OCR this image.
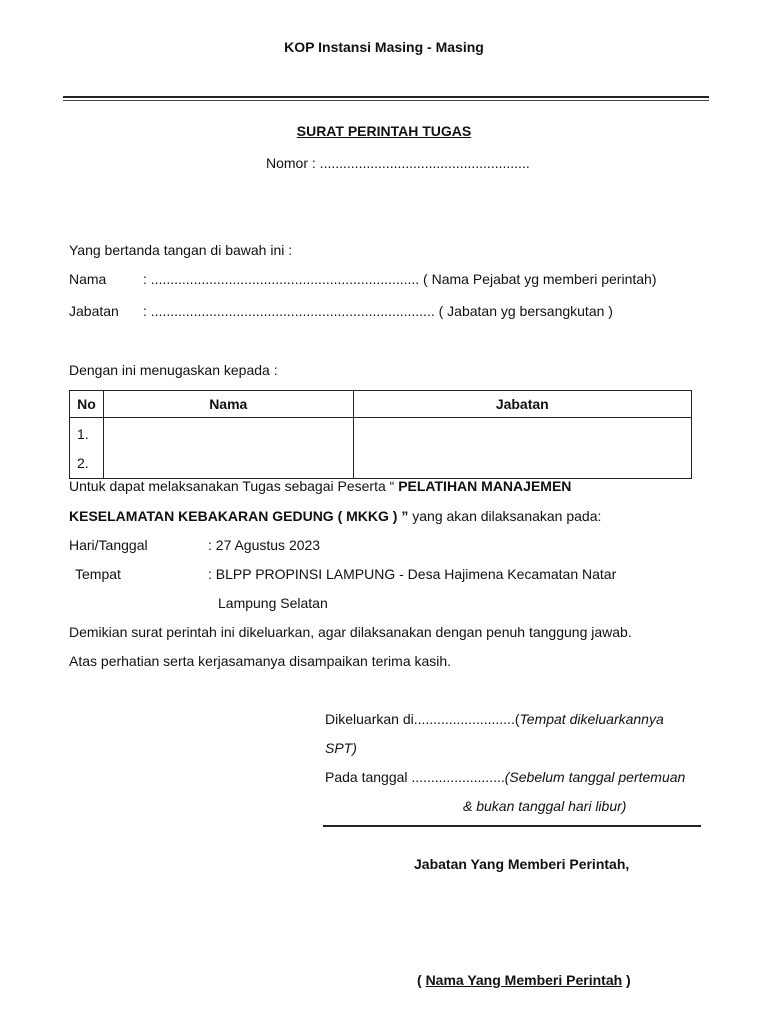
KOP Instansi Masing - Masing
SURAT PERINTAH TUGAS
Nomor : ......................................................
Yang bertanda tangan di bawah ini :
Nama	: ..................................................................... ( Nama Pejabat yg memberi perintah)
Jabatan : ......................................................................... ( Jabatan yg bersangkutan )
Dengan ini menugaskan kepada :
No	Nama	Jabatan

1.
2.		

Untuk dapat melaksanakan Tugas sebagai Peserta “ PELATIHAN MANAJEMEN
KESELAMATAN KEBAKARAN GEDUNG ( MKKG ) ” yang akan dilaksanakan pada:
Hari/Tanggal	: 27 Agustus 2023
Tempat	: BLPP PROPINSI LAMPUNG - Desa Hajimena Kecamatan Natar
Lampung Selatan
Demikian surat perintah ini dikeluarkan, agar dilaksanakan dengan penuh tanggung jawab.
Atas perhatian serta kerjasamanya disampaikan terima kasih.
Dikeluarkan di..........................(Tempat dikeluarkannya
SPT)
Pada tanggal ........................(Sebelum tanggal pertemuan
& bukan tanggal hari libur)
Jabatan Yang Memberi Perintah,
( Nama Yang Memberi Perintah )
